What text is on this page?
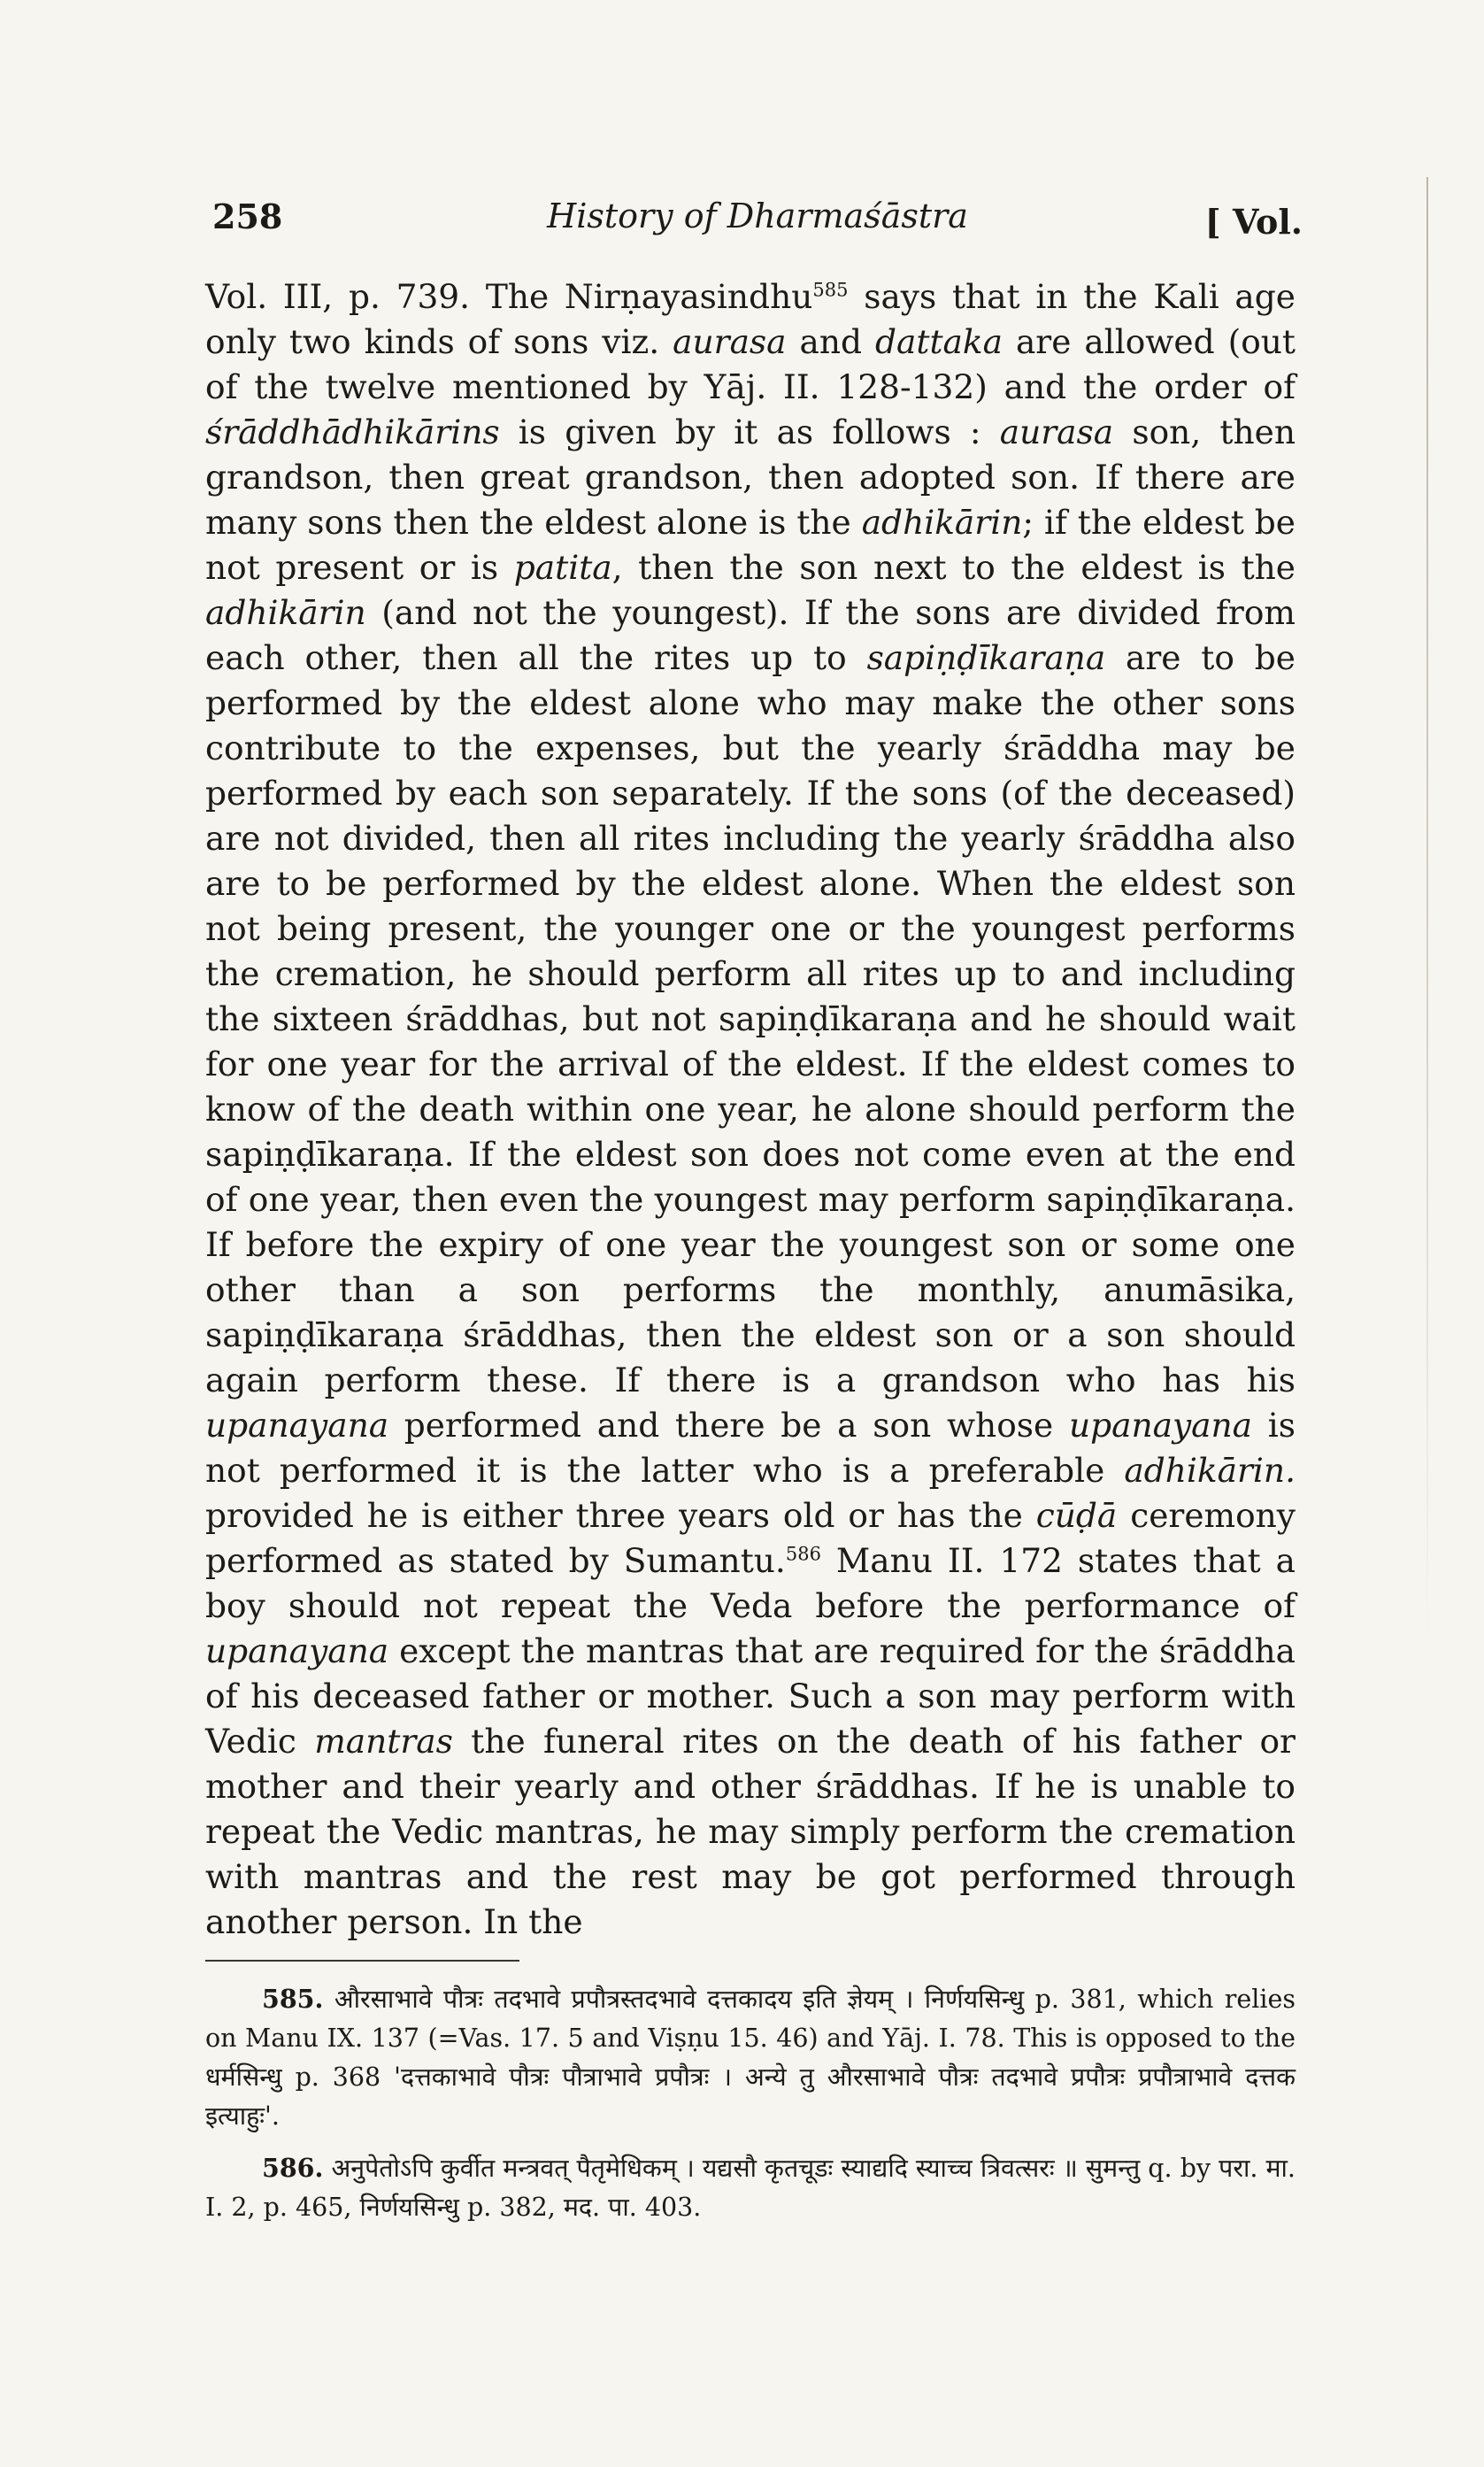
258	History of Dharmaśāstra	[ Vol.

Vol. III, p. 739. The Nirṇayasindhu$^{585}$ says that in the Kali age only two kinds of sons viz. aurasa and dattaka are allowed (out of the twelve mentioned by Yāj. II. 128-132) and the order of śrāddhādhikārins is given by it as follows : aurasa son, then grandson, then great grandson, then adopted son. If there are many sons then the eldest alone is the adhikārin; if the eldest be not present or is patita, then the son next to the eldest is the adhikārin (and not the youngest). If the sons are divided from each other, then all the rites up to sapiṇḍīkaraṇa are to be performed by the eldest alone who may make the other sons contribute to the expenses, but the yearly śrāddha may be performed by each son separately. If the sons (of the deceased) are not divided, then all rites including the yearly śrāddha also are to be performed by the eldest alone. When the eldest son not being present, the younger one or the youngest performs the cremation, he should perform all rites up to and including the sixteen śrāddhas, but not sapiṇḍīkaraṇa and he should wait for one year for the arrival of the eldest. If the eldest comes to know of the death within one year, he alone should perform the sapiṇḍīkaraṇa. If the eldest son does not come even at the end of one year, then even the youngest may perform sapiṇḍīkaraṇa. If before the expiry of one year the youngest son or some one other than a son performs the monthly, anumāsika, sapiṇḍīkaraṇa śrāddhas, then the eldest son or a son should again perform these. If there is a grandson who has his upanayana performed and there be a son whose upanayana is not performed it is the latter who is a preferable adhikārin. provided he is either three years old or has the cūḍā ceremony performed as stated by Sumantu.$^{586}$ Manu II. 172 states that a boy should not repeat the Veda before the performance of upanayana except the mantras that are required for the śrāddha of his deceased father or mother. Such a son may perform with Vedic mantras the funeral rites on the death of his father or mother and their yearly and other śrāddhas. If he is unable to repeat the Vedic mantras, he may simply perform the cremation with mantras and the rest may be got performed through another person. In the

585. औरसाभावे पौत्रः तदभावे प्रपौत्रस्तदभावे दत्तकादय इति ज्ञेयम् । निर्णयसिन्धु p. 381, which relies on Manu IX. 137 (=Vas. 17. 5 and Viṣṇu 15. 46) and Yāj. I. 78. This is opposed to the धर्मसिन्धु p. 368 'दत्तकाभावे पौत्रः पौत्राभावे प्रपौत्रः । अन्ये तु औरसाभावे पौत्रः तदभावे प्रपौत्रः प्रपौत्राभावे दत्तक इत्याहुः'.

586. अनुपेतोऽपि कुर्वीत मन्त्रवत् पैतृमेधिकम् । यद्यसौ कृतचूडः स्याद्यदि स्याच्च त्रिवत्सरः ॥ सुमन्तु q. by परा. मा. I. 2, p. 465, निर्णयसिन्धु p. 382, मद. पा. 403.
